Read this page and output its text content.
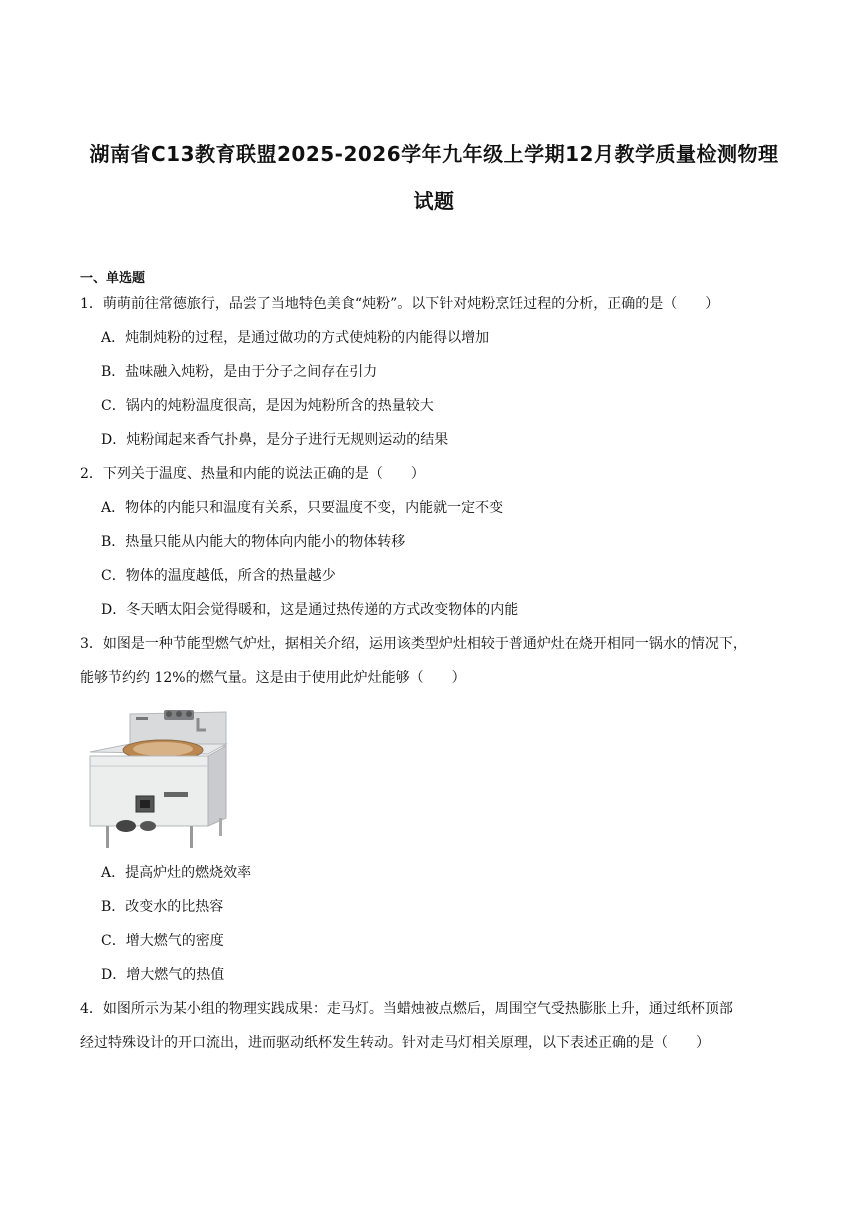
湖南省C13教育联盟2025-2026学年九年级上学期12月教学质量检测物理
试题
一、单选题
1．萌萌前往常德旅行，品尝了当地特色美食“炖粉”。以下针对炖粉烹饪过程的分析，正确的是（　　）
A．炖制炖粉的过程，是通过做功的方式使炖粉的内能得以增加
B．盐味融入炖粉，是由于分子之间存在引力
C．锅内的炖粉温度很高，是因为炖粉所含的热量较大
D．炖粉闻起来香气扑鼻，是分子进行无规则运动的结果
2．下列关于温度、热量和内能的说法正确的是（　　）
A．物体的内能只和温度有关系，只要温度不变，内能就一定不变
B．热量只能从内能大的物体向内能小的物体转移
C．物体的温度越低，所含的热量越少
D．冬天晒太阳会觉得暖和，这是通过热传递的方式改变物体的内能
3．如图是一种节能型燃气炉灶，据相关介绍，运用该类型炉灶相较于普通炉灶在烧开相同一锅水的情况下，
能够节约约 12%的燃气量。这是由于使用此炉灶能够（　　）
A．提高炉灶的燃烧效率
B．改变水的比热容
C．增大燃气的密度
D．增大燃气的热值
4．如图所示为某小组的物理实践成果：走马灯。当蜡烛被点燃后，周围空气受热膨胀上升，通过纸杯顶部
经过特殊设计的开口流出，进而驱动纸杯发生转动。针对走马灯相关原理，以下表述正确的是（　　）
